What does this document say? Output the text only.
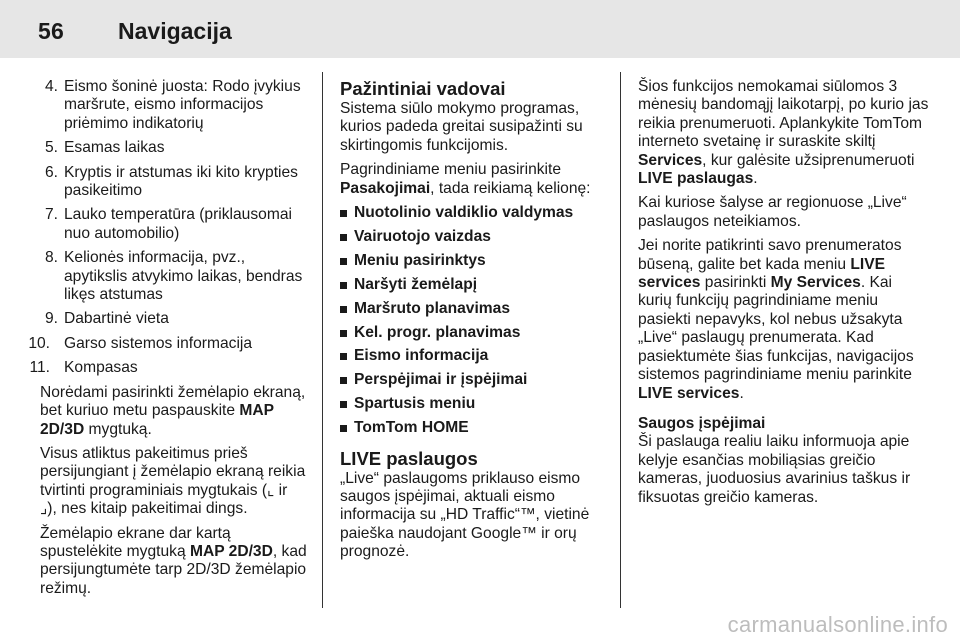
56 Navigacija
4. Eismo šoninė juosta: Rodo įvykius maršrute, eismo informacijos priėmimo indikatorių
5. Esamas laikas
6. Kryptis ir atstumas iki kito krypties pasikeitimo
7. Lauko temperatūra (priklausomai nuo automobilio)
8. Kelionės informacija, pvz., apytikslis atvykimo laikas, bendras likęs atstumas
9. Dabartinė vieta
10. Garso sistemos informacija
11. Kompasas

Norėdami pasirinkti žemėlapio ekraną, bet kuriuo metu paspauskite MAP 2D/3D mygtuką.

Visus atliktus pakeitimus prieš persijungiant į žemėlapio ekraną reikia tvirtinti programiniais mygtukais (⌞ ir ⌟), nes kitaip pakeitimai dings.

Žemėlapio ekrane dar kartą spustelėkite mygtuką MAP 2D/3D, kad persijungtumėte tarp 2D/3D žemėlapio režimų.

Pažintiniai vadovai

Sistema siūlo mokymo programas, kurios padeda greitai susipažinti su skirtingomis funkcijomis.

Pagrindiniame meniu pasirinkite Pasakojimai, tada reikiamą kelionę:

Nuotolinio valdiklio valdymas
Vairuotojo vaizdas
Meniu pasirinktys
Naršyti žemėlapį
Maršruto planavimas
Kel. progr. planavimas
Eismo informacija
Perspėjimai ir įspėjimai
Spartusis meniu
TomTom HOME
LIVE paslaugos

„Live“ paslaugoms priklauso eismo saugos įspėjimai, aktuali eismo informacija su „HD Traffic“™, vietinė paieška naudojant Google™ ir orų prognozė.

Šios funkcijos nemokamai siūlomos 3 mėnesių bandomąjį laikotarpį, po kurio jas reikia prenumeruoti. Aplankykite TomTom interneto svetainę ir suraskite skiltį Services, kur galėsite užsiprenumeruoti LIVE paslaugas.

Kai kuriose šalyse ar regionuose „Live“ paslaugos neteikiamos.

Jei norite patikrinti savo prenumeratos būseną, galite bet kada meniu LIVE services pasirinkti My Services. Kai kurių funkcijų pagrindiniame meniu pasiekti nepavyks, kol nebus užsakyta „Live“ paslaugų prenumerata. Kad pasiektumėte šias funkcijas, navigacijos sistemos pagrindiniame meniu parinkite LIVE services.

Saugos įspėjimai

Ši paslauga realiu laiku informuoja apie kelyje esančias mobiliąsias greičio kameras, juoduosius avarinius taškus ir fiksuotas greičio kameras.

carmanualsonline.info
